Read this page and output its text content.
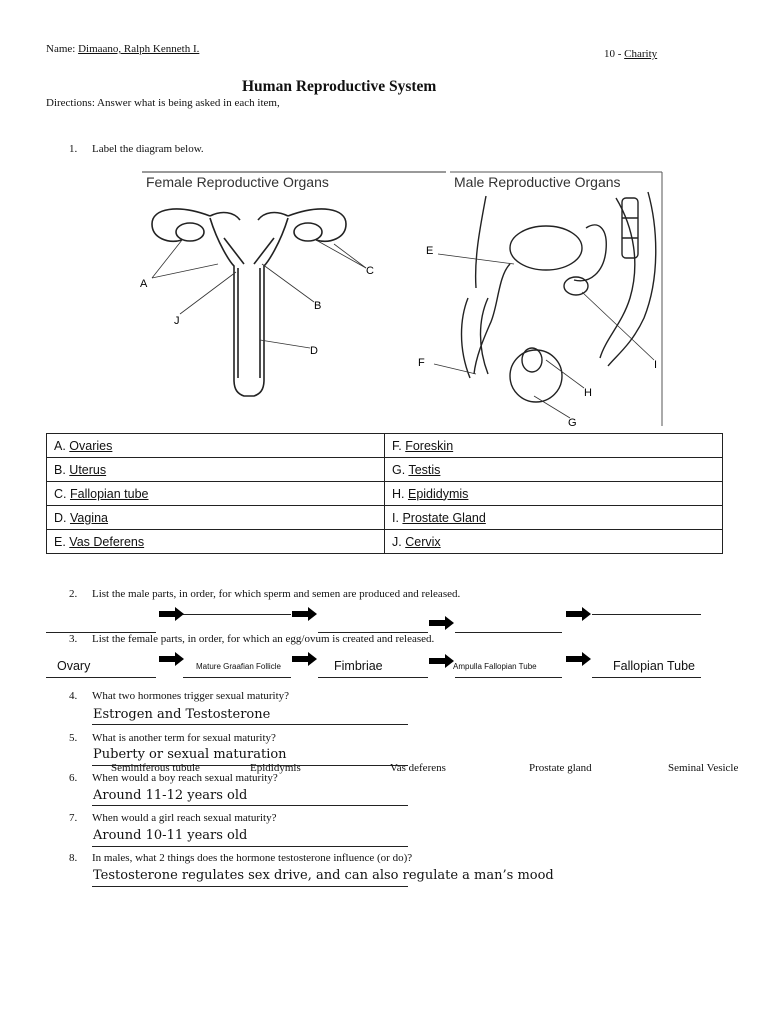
Name: Dimaano, Ralph Kenneth I.	10 - Charity
Human Reproductive System
Directions: Answer what is being asked in each item,
1. Label the diagram below.
Female Reproductive Organs	Male Reproductive Organs
A
B
C
D
J
E
F
G
H
I
A. Ovaries	F. Foreskin
B. Uterus	G. Testis
C. Fallopian tube	H. Epididymis
D. Vagina	I. Prostate Gland
E. Vas Deferens	J. Cervix
2. List the male parts, in order, for which sperm and semen are produced and released.
3. List the female parts, in order, for which an egg/ovum is created and released.
Ovary	Mature Graafian Follicle	Fimbriae	Ampulla Fallopian Tube	Fallopian Tube
4. What two hormones trigger sexual maturity?
Estrogen and Testosterone
5. What is another term for sexual maturity?
Puberty or sexual maturation
Seminiferous tubule	Epididymis	Vas deferens	Prostate gland	Seminal Vesicle
6. When would a boy reach sexual maturity?
Around 11-12 years old
7. When would a girl reach sexual maturity?
Around 10-11 years old
8. In males, what 2 things does the hormone testosterone influence (or do)?
Testosterone regulates sex drive, and can also regulate a man’s mood
